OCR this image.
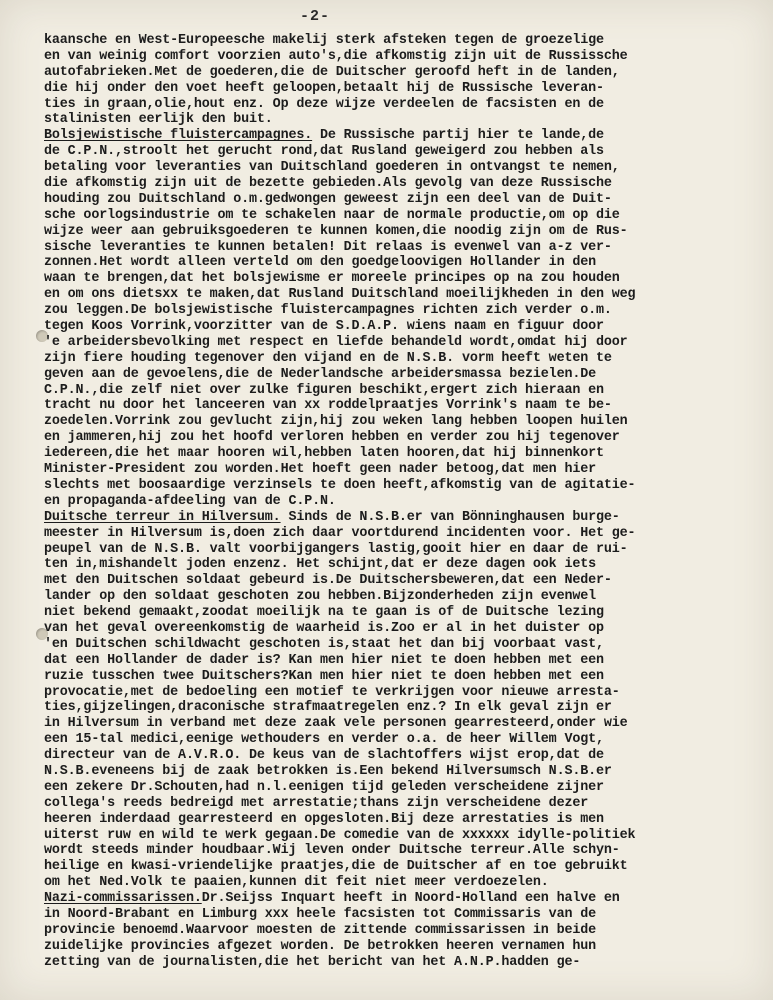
-2-
kaansche en West-Europeesche makelij sterk afsteken tegen de groezelige
en van weinig comfort voorzien auto's,die afkomstig zijn uit de Russissche
autofabrieken.Met de goederen,die de Duitscher geroofd heft in de landen,
die hij onder den voet heeft geloopen,betaalt hij de Russische leveran-
ties in graan,olie,hout enz. Op deze wijze verdeelen de facsisten en de
stalinisten eerlijk den buit.
Bolsjewistische fluistercampagnes. De Russische partij hier te lande,de
de C.P.N.,stroolt het gerucht rond,dat Rusland geweigerd zou hebben als
betaling voor leveranties van Duitschland goederen in ontvangst te nemen,
die afkomstig zijn uit de bezette gebieden.Als gevolg van deze Russische
houding zou Duitschland o.m.gedwongen geweest zijn een deel van de Duit-
sche oorlogsindustrie om te schakelen naar de normale productie,om op die
wijze weer aan gebruiksgoederen te kunnen komen,die noodig zijn om de Rus-
sische leveranties te kunnen betalen! Dit relaas is evenwel van a-z ver-
zonnen.Het wordt alleen verteld om den goedgeloovigen Hollander in den
waan te brengen,dat het bolsjewisme er moreele principes op na zou houden
en om ons dietsxx te maken,dat Rusland Duitschland moeilijkheden in den weg
zou leggen.De bolsjewistische fluistercampagnes richten zich verder o.m.
tegen Koos Vorrink,voorzitter van de S.D.A.P. wiens naam en figuur door
'e arbeidersbevolking met respect en liefde behandeld wordt,omdat hij door
zijn fiere houding tegenover den vijand en de N.S.B. vorm heeft weten te
geven aan de gevoelens,die de Nederlandsche arbeidersmassa bezielen.De
C.P.N.,die zelf niet over zulke figuren beschikt,ergert zich hieraan en
tracht nu door het lanceeren van xx roddelpraatjes Vorrink's naam te be-
zoedelen.Vorrink zou gevlucht zijn,hij zou weken lang hebben loopen huilen
en jammeren,hij zou het hoofd verloren hebben en verder zou hij tegenover
iedereen,die het maar hooren wil,hebben laten hooren,dat hij binnenkort
Minister-President zou worden.Het hoeft geen nader betoog,dat men hier
slechts met boosaardige verzinsels te doen heeft,afkomstig van de agitatie-
en propaganda-afdeeling van de C.P.N.
Duitsche terreur in Hilversum. Sinds de N.S.B.er van Bönninghausen burge-
meester in Hilversum is,doen zich daar voortdurend incidenten voor. Het ge-
peupel van de N.S.B. valt voorbijgangers lastig,gooit hier en daar de rui-
ten in,mishandelt joden enzenz. Het schijnt,dat er deze dagen ook iets
met den Duitschen soldaat gebeurd is.De Duitschersbeweren,dat een Neder-
lander op den soldaat geschoten zou hebben.Bijzonderheden zijn evenwel
niet bekend gemaakt,zoodat moeilijk na te gaan is of de Duitsche lezing
van het geval overeenkomstig de waarheid is.Zoo er al in het duister op
'en Duitschen schildwacht geschoten is,staat het dan bij voorbaat vast,
dat een Hollander de dader is? Kan men hier niet te doen hebben met een
ruzie tusschen twee Duitschers?Kan men hier niet te doen hebben met een
provocatie,met de bedoeling een motief te verkrijgen voor nieuwe arresta-
ties,gijzelingen,draconische strafmaatregelen enz.? In elk geval zijn er
in Hilversum in verband met deze zaak vele personen gearresteerd,onder wie
een 15-tal medici,eenige wethouders en verder o.a. de heer Willem Vogt,
directeur van de A.V.R.O. De keus van de slachtoffers wijst erop,dat de
N.S.B.eveneens bij de zaak betrokken is.Een bekend Hilversumsch N.S.B.er
een zekere Dr.Schouten,had n.l.eenigen tijd geleden verscheidene zijner
collega's reeds bedreigd met arrestatie;thans zijn verscheidene dezer
heeren inderdaad gearresteerd en opgesloten.Bij deze arrestaties is men
uiterst ruw en wild te werk gegaan.De comedie van de xxxxxx idylle-politiek
wordt steeds minder houdbaar.Wij leven onder Duitsche terreur.Alle schyn-
heilige en kwasi-vriendelijke praatjes,die de Duitscher af en toe gebruikt
om het Ned.Volk te paaien,kunnen dit feit niet meer verdoezelen.
Nazi-commissarissen.Dr.Seijss Inquart heeft in Noord-Holland een halve en
in Noord-Brabant en Limburg xxx heele facsisten tot Commissaris van de
provincie benoemd.Waarvoor moesten de zittende commissarissen in beide
zuidelijke provincies afgezet worden. De betrokken heeren vernamen hun
zetting van de journalisten,die het bericht van het A.N.P.hadden ge-
